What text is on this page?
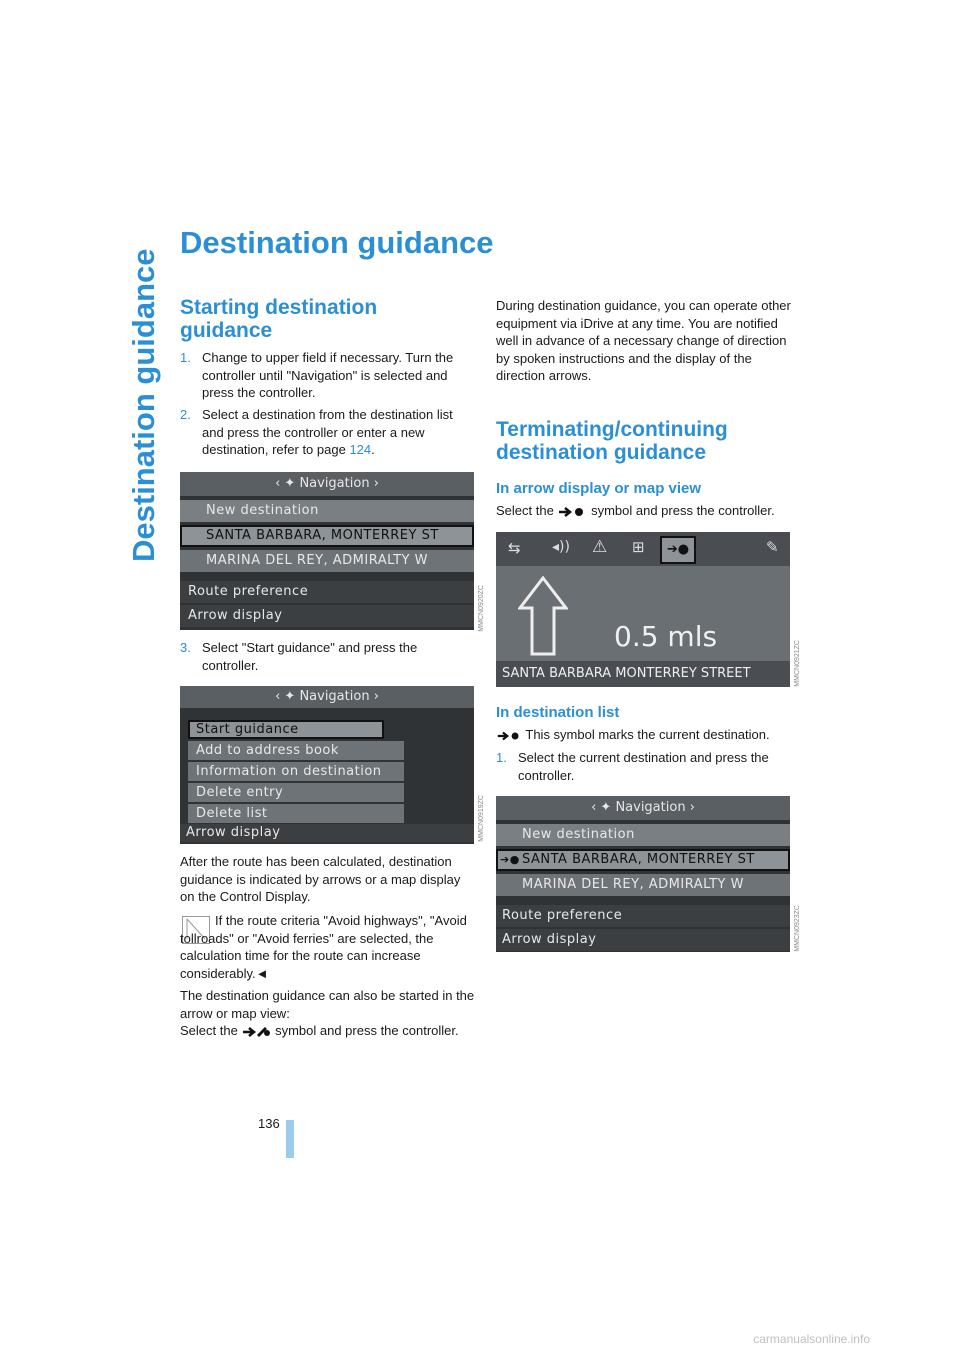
Destination guidance
Destination guidance
Starting destination guidance
1. Change to upper field if necessary. Turn the controller until "Navigation" is selected and press the controller.
2. Select a destination from the destination list and press the controller or enter a new destination, refer to page 124.
‹ ✦ Navigation ›
New destination
SANTA BARBARA, MONTERREY ST
MARINA DEL REY, ADMIRALTY W
Route preference
Arrow display	MMCN0920ZC
3. Select "Start guidance" and press the controller.
‹ ✦ Navigation ›
Start guidance
Add to address book
Information on destination
Delete entry
Delete list
Arrow display	MMCN0919ZC

After the route has been calculated, destination guidance is indicated by arrows or a map display on the Control Display.

If the route criteria "Avoid highways", "Avoid tollroads" or "Avoid ferries" are selected, the calculation time for the route can increase considerably.◄

The destination guidance can also be started in the arrow or map view:

Select the	symbol and press the controller.

During destination guidance, you can operate other equipment via iDrive at any time. You are notified well in advance of a necessary change of direction by spoken instructions and the display of the direction arrows.

Terminating/continuing destination guidance
In arrow display or map view

Select the	symbol and press the controller.

⇆ ◂)) ⚠ ⊞	➔●	✎
0.5 mls
SANTA BARBARA MONTERREY STREET	MMCN0921ZC
In destination list

This symbol marks the current destination.

1. Select the current destination and press the controller.
‹ ✦ Navigation ›
New destination
➔● SANTA BARBARA, MONTERREY ST
MARINA DEL REY, ADMIRALTY W
Route preference
Arrow display	MMCN0923ZC
136
carmanualsonline.info
